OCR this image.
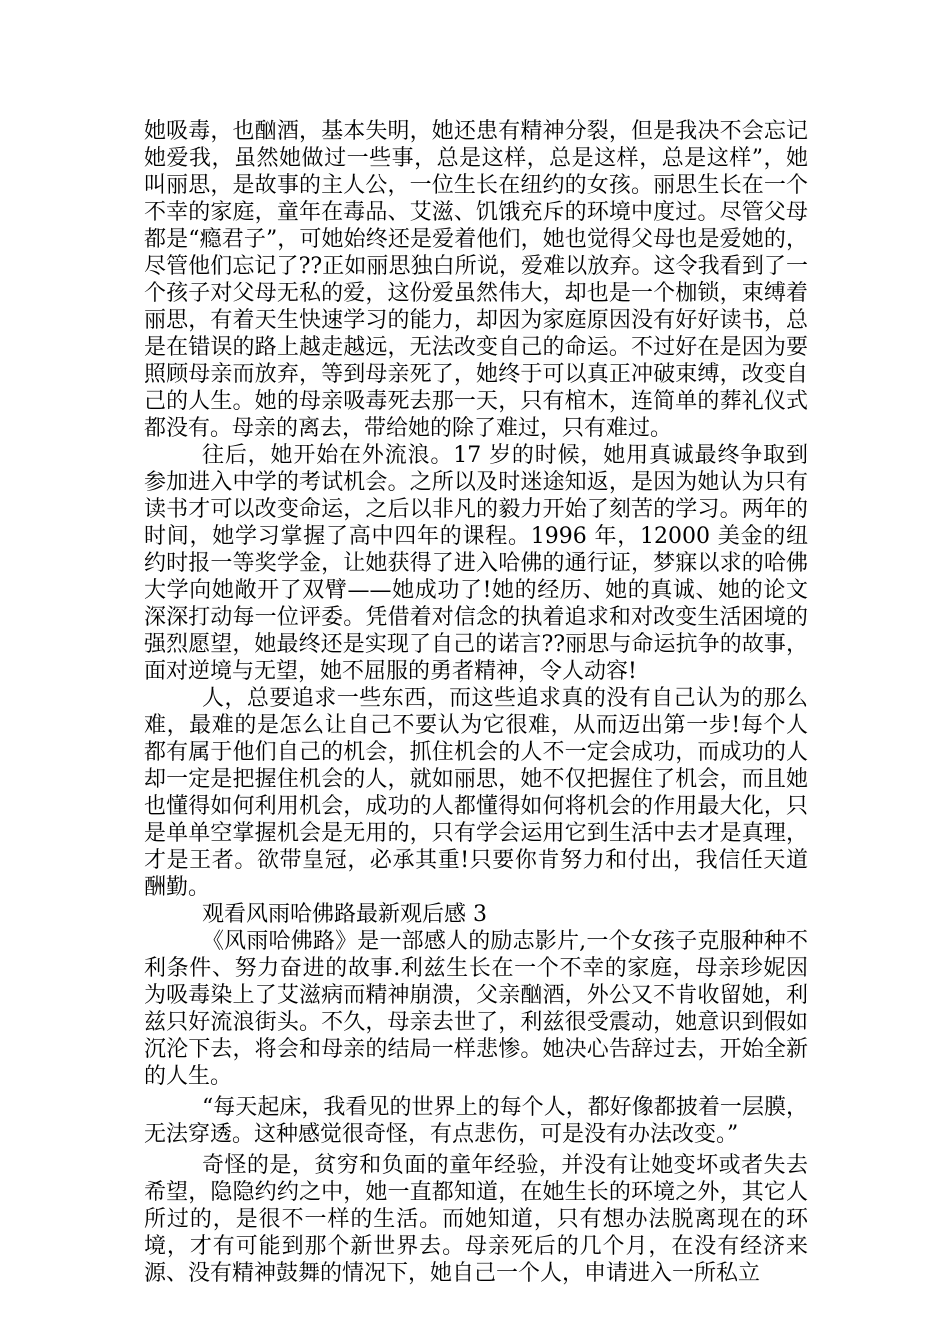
她吸毒，也酗酒，基本失明，她还患有精神分裂，但是我决不会忘记她爱我，虽然她做过一些事，总是这样，总是这样，总是这样”，她叫丽思，是故事的主人公，一位生长在纽约的女孩。丽思生长在一个不幸的家庭，童年在毒品、艾滋、饥饿充斥的环境中度过。尽管父母都是“瘾君子”，可她始终还是爱着他们，她也觉得父母也是爱她的，尽管他们忘记了??正如丽思独白所说，爱难以放弃。这令我看到了一个孩子对父母无私的爱，这份爱虽然伟大，却也是一个枷锁，束缚着丽思，有着天生快速学习的能力，却因为家庭原因没有好好读书，总是在错误的路上越走越远，无法改变自己的命运。不过好在是因为要照顾母亲而放弃，等到母亲死了，她终于可以真正冲破束缚，改变自己的人生。她的母亲吸毒死去那一天，只有棺木，连简单的葬礼仪式都没有。母亲的离去，带给她的除了难过，只有难过。

往后，她开始在外流浪。17 岁的时候，她用真诚最终争取到参加进入中学的考试机会。之所以及时迷途知返，是因为她认为只有读书才可以改变命运，之后以非凡的毅力开始了刻苦的学习。两年的时间，她学习掌握了高中四年的课程。1996 年，12000 美金的纽约时报一等奖学金，让她获得了进入哈佛的通行证，梦寐以求的哈佛大学向她敞开了双臂——她成功了!她的经历、她的真诚、她的论文深深打动每一位评委。凭借着对信念的执着追求和对改变生活困境的强烈愿望，她最终还是实现了自己的诺言??丽思与命运抗争的故事，面对逆境与无望，她不屈服的勇者精神，令人动容!

人，总要追求一些东西，而这些追求真的没有自己认为的那么难，最难的是怎么让自己不要认为它很难，从而迈出第一步!每个人都有属于他们自己的机会，抓住机会的人不一定会成功，而成功的人却一定是把握住机会的人，就如丽思，她不仅把握住了机会，而且她也懂得如何利用机会，成功的人都懂得如何将机会的作用最大化，只是单单空掌握机会是无用的，只有学会运用它到生活中去才是真理，才是王者。欲带皇冠，必承其重!只要你肯努力和付出，我信任天道酬勤。

观看风雨哈佛路最新观后感 3

《风雨哈佛路》是一部感人的励志影片,一个女孩子克服种种不利条件、努力奋进的故事.利兹生长在一个不幸的家庭，母亲珍妮因为吸毒染上了艾滋病而精神崩溃，父亲酗酒，外公又不肯收留她，利兹只好流浪街头。不久，母亲去世了，利兹很受震动，她意识到假如沉沦下去，将会和母亲的结局一样悲惨。她决心告辞过去，开始全新的人生。

“每天起床，我看见的世界上的每个人，都好像都披着一层膜，无法穿透。这种感觉很奇怪，有点悲伤，可是没有办法改变。”

奇怪的是，贫穷和负面的童年经验，并没有让她变坏或者失去希望，隐隐约约之中，她一直都知道，在她生长的环境之外，其它人所过的，是很不一样的生活。而她知道，只有想办法脱离现在的环境，才有可能到那个新世界去。母亲死后的几个月，在没有经济来源、没有精神鼓舞的情况下，她自己一个人，申请进入一所私立
